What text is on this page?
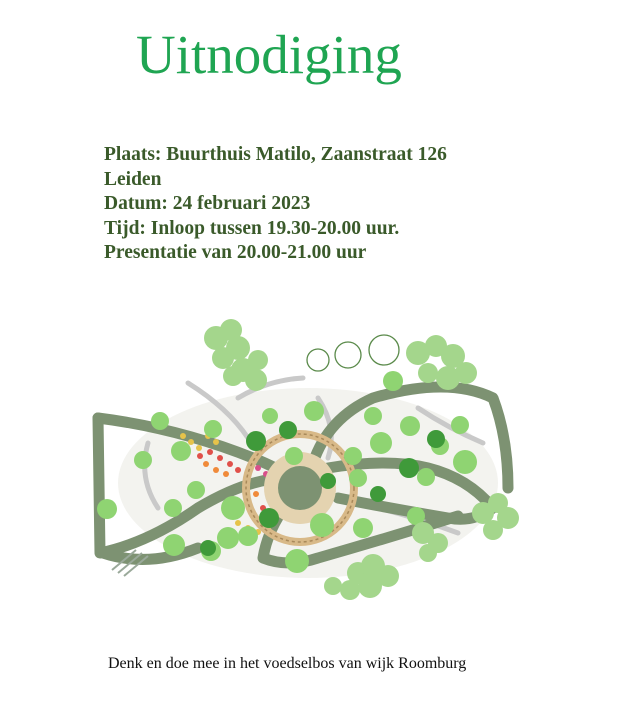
Uitnodiging
Plaats: Buurthuis Matilo, Zaanstraat 126
Leiden
Datum: 24 februari 2023
Tijd: Inloop tussen 19.30-20.00 uur.
Presentatie van 20.00-21.00 uur

Denk en doe mee in het voedselbos van wijk Roomburg
